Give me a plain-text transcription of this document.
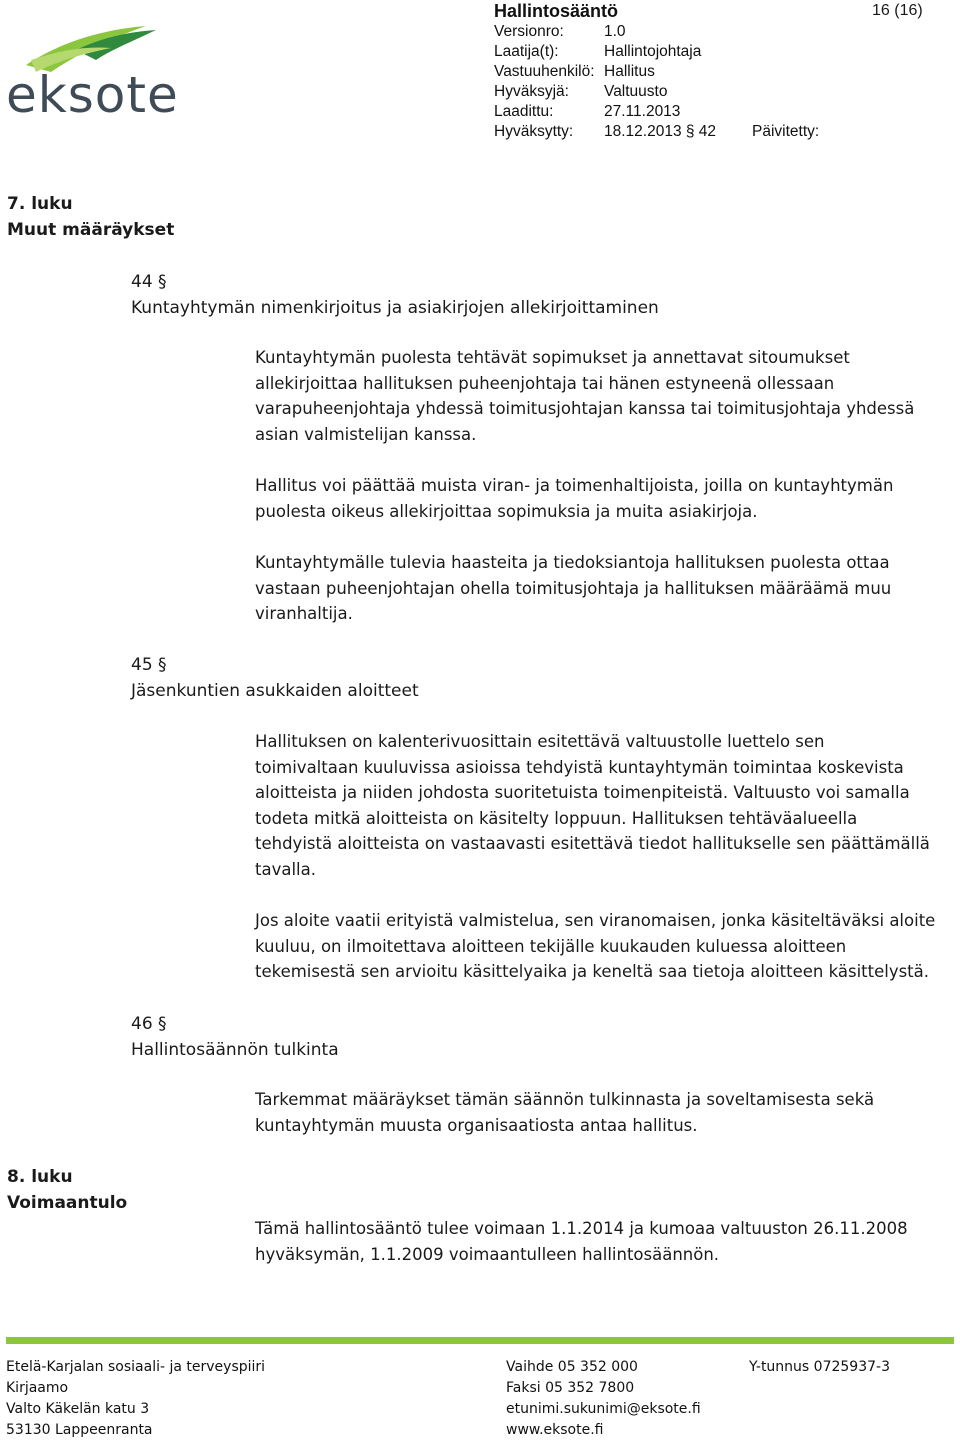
eksote
Hallintosääntö
Versionro:	1.0
Laatija(t):	Hallintojohtaja
Vastuuhenkilö: Hallitus
Hyväksyjä: Valtuusto
Laadittu:	27.11.2013
Hyväksytty: 18.12.2013 § 42 Päivitetty:
16 (16)
7. luku
Muut määräykset
44 §
Kuntayhtymän nimenkirjoitus ja asiakirjojen allekirjoittaminen
Kuntayhtymän puolesta tehtävät sopimukset ja annettavat sitoumukset
allekirjoittaa hallituksen puheenjohtaja tai hänen estyneenä ollessaan
varapuheenjohtaja yhdessä toimitusjohtajan kanssa tai toimitusjohtaja yhdessä
asian valmistelijan kanssa.
Hallitus voi päättää muista viran- ja toimenhaltijoista, joilla on kuntayhtymän
puolesta oikeus allekirjoittaa sopimuksia ja muita asiakirjoja.
Kuntayhtymälle tulevia haasteita ja tiedoksiantoja hallituksen puolesta ottaa
vastaan puheenjohtajan ohella toimitusjohtaja ja hallituksen määräämä muu
viranhaltija.
45 §
Jäsenkuntien asukkaiden aloitteet
Hallituksen on kalenterivuosittain esitettävä valtuustolle luettelo sen
toimivaltaan kuuluvissa asioissa tehdyistä kuntayhtymän toimintaa koskevista
aloitteista ja niiden johdosta suoritetuista toimenpiteistä. Valtuusto voi samalla
todeta mitkä aloitteista on käsitelty loppuun. Hallituksen tehtäväalueella
tehdyistä aloitteista on vastaavasti esitettävä tiedot hallitukselle sen päättämällä
tavalla.
Jos aloite vaatii erityistä valmistelua, sen viranomaisen, jonka käsiteltäväksi aloite
kuuluu, on ilmoitettava aloitteen tekijälle kuukauden kuluessa aloitteen
tekemisestä sen arvioitu käsittelyaika ja keneltä saa tietoja aloitteen käsittelystä.
46 §
Hallintosäännön tulkinta
Tarkemmat määräykset tämän säännön tulkinnasta ja soveltamisesta sekä
kuntayhtymän muusta organisaatiosta antaa hallitus.
8. luku
Voimaantulo
Tämä hallintosääntö tulee voimaan 1.1.2014 ja kumoaa valtuuston 26.11.2008
hyväksymän, 1.1.2009 voimaantulleen hallintosäännön.
Etelä-Karjalan sosiaali- ja terveyspiiri
Kirjaamo
Valto Käkelän katu 3
53130 Lappeenranta
Vaihde 05 352 000
Faksi 05 352 7800
etunimi.sukunimi@eksote.fi
www.eksote.fi
Y-tunnus 0725937-3
